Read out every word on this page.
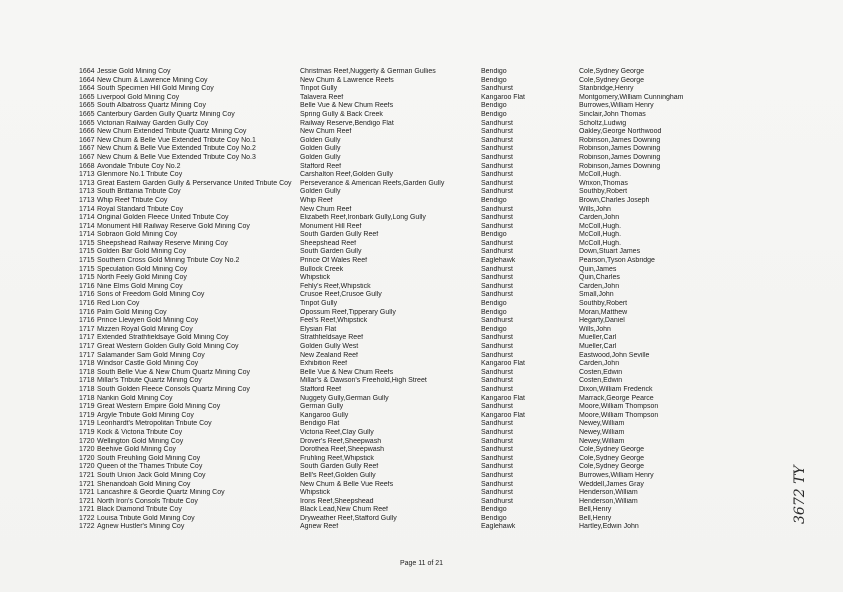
1664 Jessie Gold Mining Coy	Christmas Reef,Nuggerty & German Gullies	Bendigo	Cole,Sydney George
1664 New Chum & Lawrence Mining Coy	New Chum & Lawrence Reefs	Bendigo	Cole,Sydney George
1664 South Specimen Hill Gold Mining Coy	Tinpot Gully	Sandhurst	Stanbridge,Henry
1665 Liverpool Gold Mining Coy	Talavera Reef	Kangaroo Flat	Montgomery,William Cunningham
1665 South Albatross Quartz Mining Coy	Belle Vue & New Chum Reefs	Bendigo	Burrowes,William Henry
1665 Canterbury Garden Gully Quartz Mining Coy	Spring Gully & Back Creek	Bendigo	Sinclair,John Thomas
1665 Victorian Railway Garden Gully Coy	Railway Reserve,Bendigo Flat	Sandhurst	Scholtz,Ludwig
1666 New Chum Extended Tribute Quartz Mining Coy	New Chum Reef	Sandhurst	Oakley,George Northwood
1667 New Chum & Belle Vue Extended Tribute Coy No.1	Golden Gully	Sandhurst	Robinson,James Downing
1667 New Chum & Belle Vue Extended Tribute Coy No.2	Golden Gully	Sandhurst	Robinson,James Downing
1667 New Chum & Belle Vue Extended Tribute Coy No.3	Golden Gully	Sandhurst	Robinson,James Downing
1668 Avondale Tribute Coy No.2	Stafford Reef	Sandhurst	Robinson,James Downing
1713 Glenmore No.1 Tribute Coy	Carshalton Reef,Golden Gully	Sandhurst	McColl,Hugh.
1713 Great Eastern Garden Gully & Perservance United Tribute Coy	Perseverance & American Reefs,Garden Gully	Sandhurst	Wrixon,Thomas
1713 South Brittania Tribute Coy	Golden Gully	Sandhurst	Southby,Robert
1713 Whip Reef Tribute Coy	Whip Reef	Bendigo	Brown,Charles Joseph
1714 Royal Standard Tribute Coy	New Chum Reef	Sandhurst	Wills,John
1714 Original Golden Fleece United Tribute Coy	Elizabeth Reef,Ironbark Gully,Long Gully	Sandhurst	Carden,John
1714 Monument Hill Railway Reserve Gold Mining Coy	Monument Hill Reef	Sandhurst	McColl,Hugh.
1714 Sobraon Gold Mining Coy	South Garden Gully Reef	Bendigo	McColl,Hugh.
1715 Sheepshead Railway Reserve Mining Coy	Sheepshead Reef	Sandhurst	McColl,Hugh.
1715 Golden Bar Gold Mining Coy	South Garden Gully	Sandhurst	Down,Stuart James
1715 Southern Cross Gold Mining Tribute Coy No.2	Prince Of Wales Reef	Eaglehawk	Pearson,Tyson Asbridge
1715 Speculation Gold Mining Coy	Bullock Creek	Sandhurst	Quin,James
1715 North Feely Gold Mining Coy	Whipstick	Sandhurst	Quin,Charles
1716 Nine Elms Gold Mining Coy	Fehly's Reef,Whipstick	Sandhurst	Carden,John
1716 Sons of Freedom Gold Mining Coy	Crusoe Reef,Crusoe Gully	Sandhurst	Small,John
1716 Red Lion Coy	Tinpot Gully	Bendigo	Southby,Robert
1716 Palm Gold Mining Coy	Opossum Reef,Tipperary Gully	Bendigo	Moran,Matthew
1716 Prince Llewyen Gold Mining Coy	Feel's Reef,Whipstick	Sandhurst	Hegarty,Daniel
1717 Mizzen Royal Gold Mining Coy	Elysian Flat	Bendigo	Wills,John
1717 Extended Strathfieldsaye Gold Mining Coy	Strathfieldsaye Reef	Sandhurst	Mueller,Carl
1717 Great Western Golden Gully Gold Mining Coy	Golden Gully West	Sandhurst	Mueller,Carl
1717 Salamander Sam Gold Mining Coy	New Zealand Reef	Sandhurst	Eastwood,John Seville
1718 Windsor Castle Gold Mining Coy	Exhibition Reef	Kangaroo Flat	Carden,John
1718 South Belle Vue & New Chum Quartz Mining Coy	Belle Vue & New Chum Reefs	Sandhurst	Costen,Edwin
1718 Millar's Tribute Quartz Mining Coy	Millar's & Dawson's Freehold,High Street	Sandhurst	Costen,Edwin
1718 South Golden Fleece Consols Quartz Mining Coy	Stafford Reef	Sandhurst	Dixon,William Frederick
1718 Nankin Gold Mining Coy	Nuggety Gully,German Gully	Kangaroo Flat	Marrack,George Pearce
1719 Great Western Empire Gold Mining Coy	German Gully	Sandhurst	Moore,William Thompson
1719 Argyle Tribute Gold Mining Coy	Kangaroo Gully	Kangaroo Flat	Moore,William Thompson
1719 Leonhardt's Metropolitan Tribute Coy	Bendigo Flat	Sandhurst	Newey,William
1719 Kock & Victoria Tribute Coy	Victoria Reef,Clay Gully	Sandhurst	Newey,William
1720 Wellington Gold Mining Coy	Drover's Reef,Sheepwash	Sandhurst	Newey,William
1720 Beehive Gold Mining Coy	Dorothea Reef,Sheepwash	Sandhurst	Cole,Sydney George
1720 South Freuhling Gold Mining Coy	Fruhling Reef,Whipstick	Sandhurst	Cole,Sydney George
1720 Queen of the Thames Tribute Coy	South Garden Gully Reef	Sandhurst	Cole,Sydney George
1721 South Union Jack Gold Mining Coy	Bell's Reef,Golden Gully	Sandhurst	Burrowes,William Henry
1721 Shenandoah Gold Mining Coy	New Chum & Belle Vue Reefs	Sandhurst	Weddell,James Gray
1721 Lancashire & Geordie Quartz Mining Coy	Whipstick	Sandhurst	Henderson,William
1721 North Iron's Consols Tribute Coy	Irons Reef,Sheepshead	Sandhurst	Henderson,William
1721 Black Diamond Tribute Coy	Black Lead,New Chum Reef	Bendigo	Bell,Henry
1722 Louisa Tribute Gold Mining Coy	Dryweather Reef,Stafford Gully	Bendigo	Bell,Henry
1722 Agnew Hustler's Mining Coy	Agnew Reef	Eaglehawk	Hartley,Edwin John
Page 11 of 21
3672 TY
